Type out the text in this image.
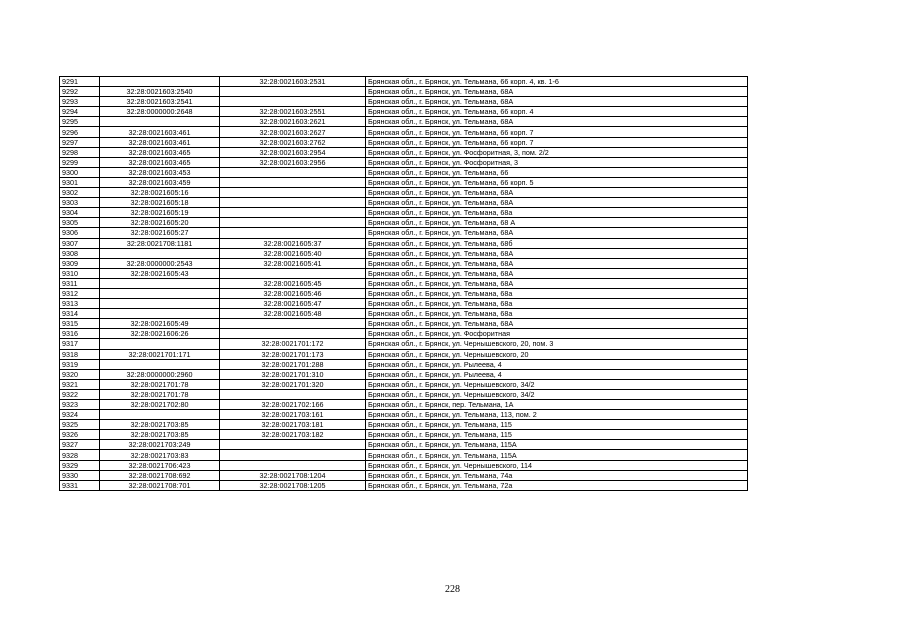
9291		32:28:0021603:2531	Брянская обл., г. Брянск, ул. Тельмана, 66 корп. 4, кв. 1-6
9292	32:28:0021603:2540		Брянская обл., г. Брянск, ул. Тельмана, 68А
9293	32:28:0021603:2541		Брянская обл., г. Брянск, ул. Тельмана, 68А
9294	32:28:0000000:2648	32:28:0021603:2551	Брянская обл., г. Брянск, ул. Тельмана, 66 корп. 4
9295		32:28:0021603:2621	Брянская обл., г. Брянск, ул. Тельмана, 68А
9296	32:28:0021603:461	32:28:0021603:2627	Брянская обл., г. Брянск, ул. Тельмана, 66 корп. 7
9297	32:28:0021603:461	32:28:0021603:2762	Брянская обл., г. Брянск, ул. Тельмана, 66 корп. 7
9298	32:28:0021603:465	32:28:0021603:2954	Брянская обл., г. Брянск, ул. Фосфоритная, 3, пом. 2/2
9299	32:28:0021603:465	32:28:0021603:2956	Брянская обл., г. Брянск, ул. Фосфоритная, 3
9300	32:28:0021603:453		Брянская обл., г. Брянск, ул. Тельмана, 66
9301	32:28:0021603:459		Брянская обл., г. Брянск, ул. Тельмана, 66 корп. 5
9302	32:28:0021605:16		Брянская обл., г. Брянск, ул. Тельмана, 68А
9303	32:28:0021605:18		Брянская обл., г. Брянск, ул. Тельмана, 68А
9304	32:28:0021605:19		Брянская обл., г. Брянск, ул. Тельмана, 68а
9305	32:28:0021605:20		Брянская обл., г. Брянск, ул. Тельмана, 68 А
9306	32:28:0021605:27		Брянская обл., г. Брянск, ул. Тельмана, 68А
9307	32:28:0021708:1181	32:28:0021605:37	Брянская обл., г. Брянск, ул. Тельмана, 68б
9308		32:28:0021605:40	Брянская обл., г. Брянск, ул. Тельмана, 68А
9309	32:28:0000000:2543	32:28:0021605:41	Брянская обл., г. Брянск, ул. Тельмана, 68А
9310	32:28:0021605:43		Брянская обл., г. Брянск, ул. Тельмана, 68А
9311		32:28:0021605:45	Брянская обл., г. Брянск, ул. Тельмана, 68А
9312		32:28:0021605:46	Брянская обл., г. Брянск, ул. Тельмана, 68а
9313		32:28:0021605:47	Брянская обл., г. Брянск, ул. Тельмана, 68а
9314		32:28:0021605:48	Брянская обл., г. Брянск, ул. Тельмана, 68а
9315	32:28:0021605:49		Брянская обл., г. Брянск, ул. Тельмана, 68А
9316	32:28:0021606:26		Брянская обл., г. Брянск, ул. Фосфоритная
9317		32:28:0021701:172	Брянская обл., г. Брянск, ул. Чернышевского, 20, пом. 3
9318	32:28:0021701:171	32:28:0021701:173	Брянская обл., г. Брянск, ул. Чернышевского, 20
9319		32:28:0021701:288	Брянская обл., г. Брянск, ул. Рылеева, 4
9320	32:28:0000000:2960	32:28:0021701:310	Брянская обл., г. Брянск, ул. Рылеева, 4
9321	32:28:0021701:78	32:28:0021701:320	Брянская обл., г. Брянск, ул. Чернышевского, 34/2
9322	32:28:0021701:78		Брянская обл., г. Брянск, ул. Чернышевского, 34/2
9323	32:28:0021702:80	32:28:0021702:166	Брянская обл., г. Брянск, пер. Тельмана, 1А
9324		32:28:0021703:161	Брянская обл., г. Брянск, ул. Тельмана, 113, пом. 2
9325	32:28:0021703:85	32:28:0021703:181	Брянская обл., г. Брянск, ул. Тельмана, 115
9326	32:28:0021703:85	32:28:0021703:182	Брянская обл., г. Брянск, ул. Тельмана, 115
9327	32:28:0021703:249		Брянская обл., г. Брянск, ул. Тельмана, 115А
9328	32:28:0021703:83		Брянская обл., г. Брянск, ул. Тельмана, 115А
9329	32:28:0021706:423		Брянская обл., г. Брянск, ул. Чернышевского, 114
9330	32:28:0021708:692	32:28:0021708:1204	Брянская обл., г. Брянск, ул. Тельмана, 74а
9331	32:28:0021708:701	32:28:0021708:1205	Брянская обл., г. Брянск, ул. Тельмана, 72а
228
